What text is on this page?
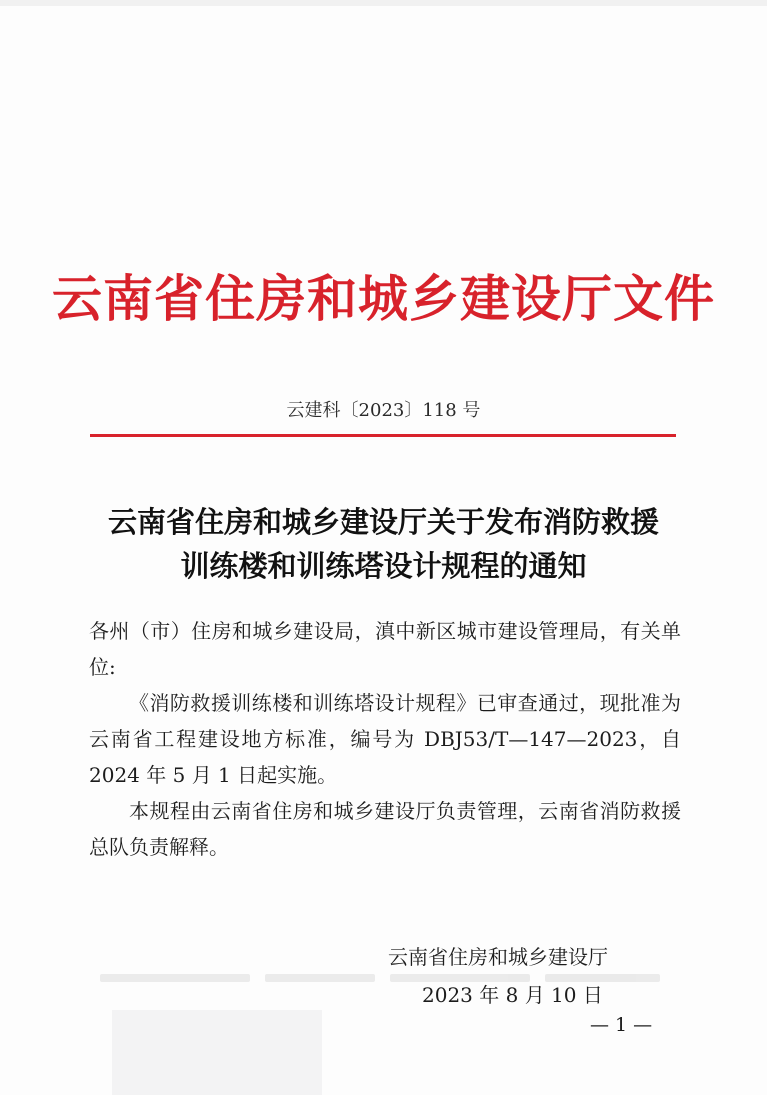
云南省住房和城乡建设厅文件
云建科〔2023〕118 号
云南省住房和城乡建设厅关于发布消防救援
训练楼和训练塔设计规程的通知

各州（市）住房和城乡建设局，滇中新区城市建设管理局，有关单位:

《消防救援训练楼和训练塔设计规程》已审查通过，现批准为云南省工程建设地方标准，编号为 DBJ53/T—147—2023，自 2024 年 5 月 1 日起实施。

本规程由云南省住房和城乡建设厅负责管理，云南省消防救援总队负责解释。

云南省住房和城乡建设厅
2023 年 8 月 10 日
— 1 —
